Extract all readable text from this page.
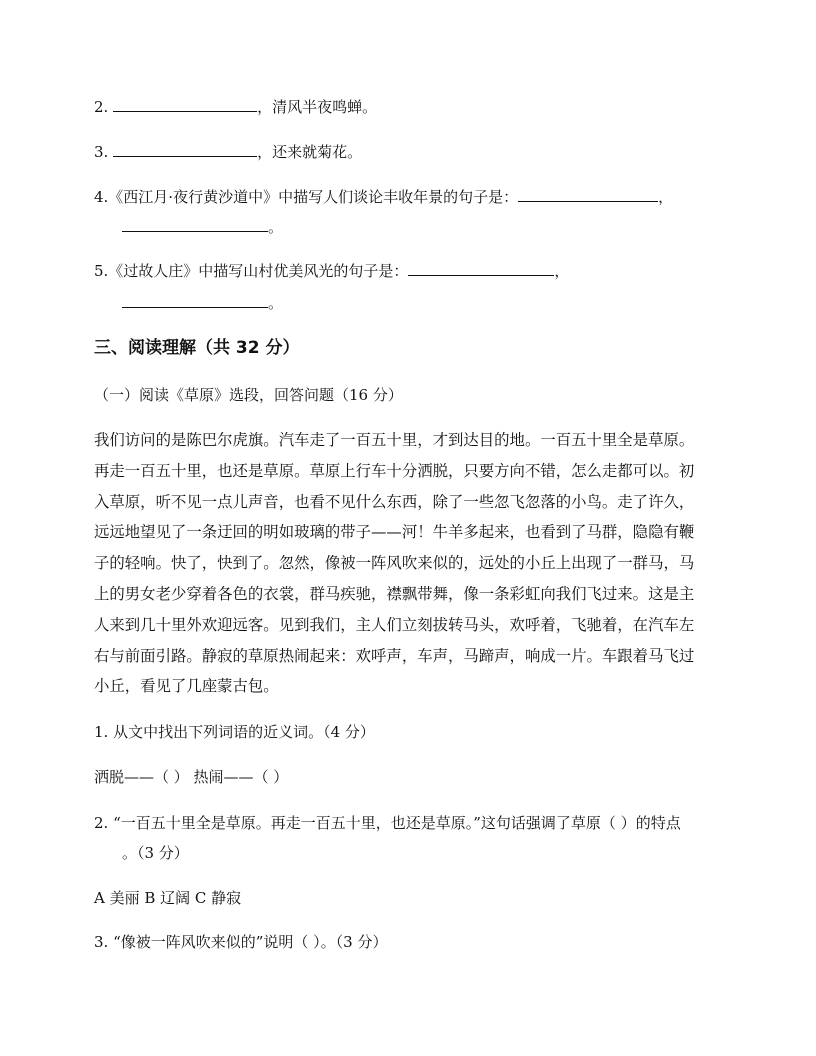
2.	，清风半夜鸣蝉。
3.	，还来就菊花。
4.《西江月·夜行黄沙道中》中描写人们谈论丰收年景的句子是：	，
。
5.《过故人庄》中描写山村优美风光的句子是：	，
。
三、阅读理解（共 32 分）
（一）阅读《草原》选段，回答问题（16 分）
我们访问的是陈巴尔虎旗。汽车走了一百五十里，才到达目的地。一百五十里全是草原。
再走一百五十里，也还是草原。草原上行车十分洒脱，只要方向不错，怎么走都可以。初
入草原，听不见一点儿声音，也看不见什么东西，除了一些忽飞忽落的小鸟。走了许久，
远远地望见了一条迂回的明如玻璃的带子——河！牛羊多起来，也看到了马群，隐隐有鞭
子的轻响。快了，快到了。忽然，像被一阵风吹来似的，远处的小丘上出现了一群马，马
上的男女老少穿着各色的衣裳，群马疾驰，襟飘带舞，像一条彩虹向我们飞过来。这是主
人来到几十里外欢迎远客。见到我们，主人们立刻拔转马头，欢呼着，飞驰着，在汽车左
右与前面引路。静寂的草原热闹起来：欢呼声，车声，马蹄声，响成一片。车跟着马飞过
小丘，看见了几座蒙古包。
1. 从文中找出下列词语的近义词。（4 分）
洒脱——（ ） 热闹——（ ）
2. “一百五十里全是草原。再走一百五十里，也还是草原。”这句话强调了草原（ ）的特点
。（3 分）
A 美丽 B 辽阔 C 静寂
3. “像被一阵风吹来似的”说明（ ）。（3 分）
